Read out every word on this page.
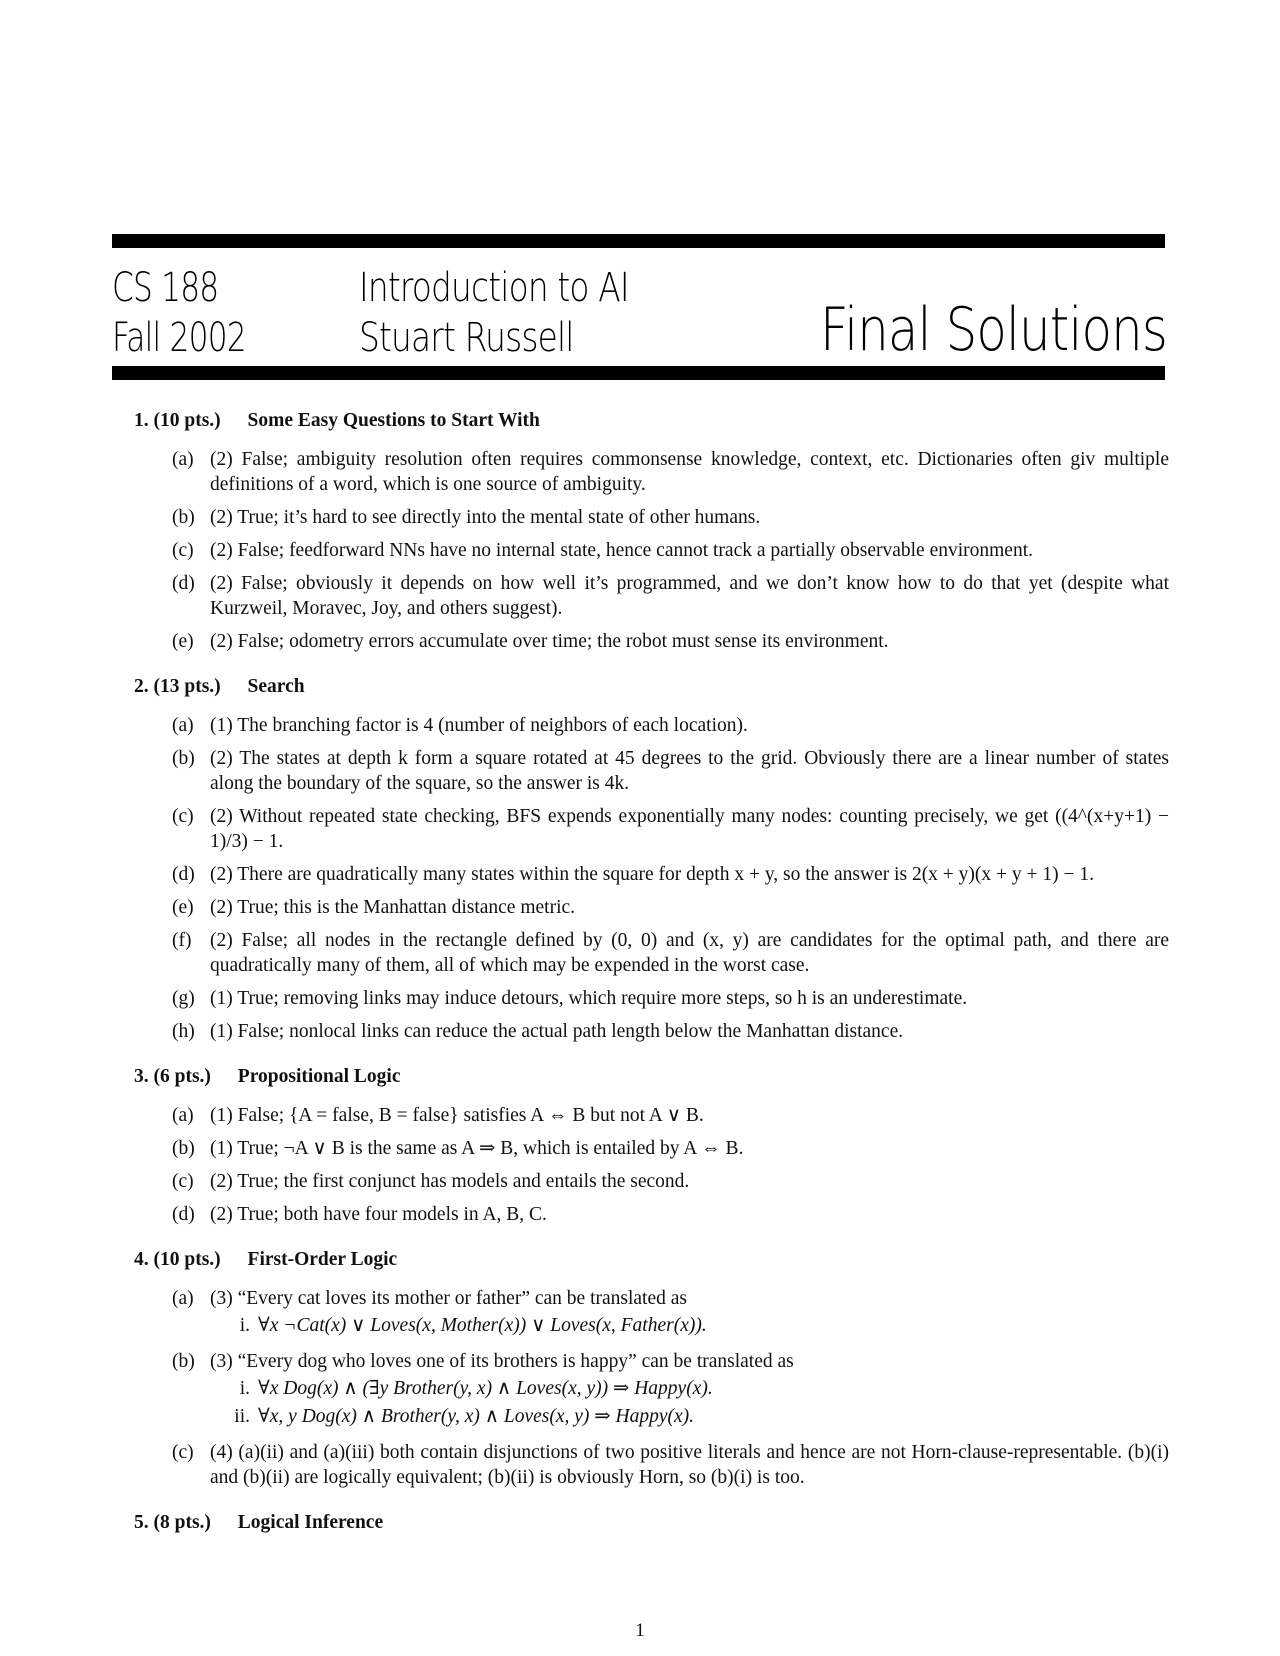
CS 188
Fall 2002
Introduction to AI
Stuart Russell	Final Solutions
1. (10 pts.) Some Easy Questions to Start With
(a) (2) False; ambiguity resolution often requires commonsense knowledge, context, etc. Dictionaries often giv multiple definitions of a word, which is one source of ambiguity.
(b) (2) True; it’s hard to see directly into the mental state of other humans.
(c) (2) False; feedforward NNs have no internal state, hence cannot track a partially observable environment.
(d) (2) False; obviously it depends on how well it’s programmed, and we don’t know how to do that yet (despite what Kurzweil, Moravec, Joy, and others suggest).
(e) (2) False; odometry errors accumulate over time; the robot must sense its environment.
2. (13 pts.) Search
(a) (1) The branching factor is 4 (number of neighbors of each location).
(b) (2) The states at depth k form a square rotated at 45 degrees to the grid. Obviously there are a linear number of states along the boundary of the square, so the answer is 4k.
(c) (2) Without repeated state checking, BFS expends exponentially many nodes: counting precisely, we get ((4^(x+y+1) − 1)/3) − 1.
(d) (2) There are quadratically many states within the square for depth x + y, so the answer is 2(x + y)(x + y + 1) − 1.
(e) (2) True; this is the Manhattan distance metric.
(f) (2) False; all nodes in the rectangle defined by (0, 0) and (x, y) are candidates for the optimal path, and there are quadratically many of them, all of which may be expended in the worst case.
(g) (1) True; removing links may induce detours, which require more steps, so h is an underestimate.
(h) (1) False; nonlocal links can reduce the actual path length below the Manhattan distance.
3. (6 pts.) Propositional Logic
(a) (1) False; {A = false, B = false} satisfies A ⇔ B but not A ∨ B.
(b) (1) True; ¬A ∨ B is the same as A ⇒ B, which is entailed by A ⇔ B.
(c) (2) True; the first conjunct has models and entails the second.
(d) (2) True; both have four models in A, B, C.
4. (10 pts.) First-Order Logic
(a) (3) “Every cat loves its mother or father” can be translated as
i. ∀x ¬Cat(x) ∨ Loves(x, Mother(x)) ∨ Loves(x, Father(x)).
(b) (3) “Every dog who loves one of its brothers is happy” can be translated as
i. ∀x Dog(x) ∧ (∃y Brother(y, x) ∧ Loves(x, y)) ⇒ Happy(x).
ii. ∀x, y Dog(x) ∧ Brother(y, x) ∧ Loves(x, y) ⇒ Happy(x).
(c) (4) (a)(ii) and (a)(iii) both contain disjunctions of two positive literals and hence are not Horn-clause-representable. (b)(i) and (b)(ii) are logically equivalent; (b)(ii) is obviously Horn, so (b)(i) is too.
5. (8 pts.) Logical Inference
1
